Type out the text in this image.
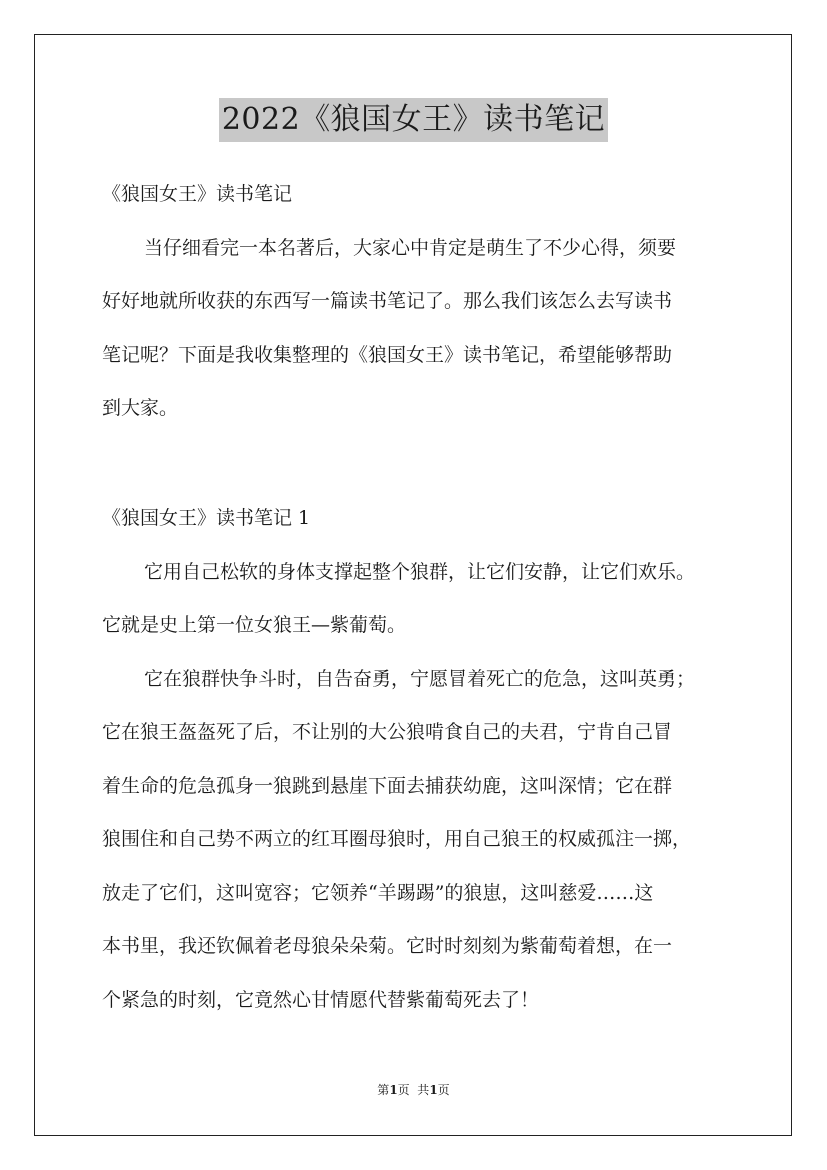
2022《狼国女王》读书笔记
《狼国女王》读书笔记
当仔细看完一本名著后，大家心中肯定是萌生了不少心得，须要
好好地就所收获的东西写一篇读书笔记了。那么我们该怎么去写读书
笔记呢？下面是我收集整理的《狼国女王》读书笔记，希望能够帮助
到大家。
《狼国女王》读书笔记 1
它用自己松软的身体支撑起整个狼群，让它们安静，让它们欢乐。
它就是史上第一位女狼王—紫葡萄。
它在狼群快争斗时，自告奋勇，宁愿冒着死亡的危急，这叫英勇；
它在狼王盔盔死了后，不让别的大公狼啃食自己的夫君，宁肯自己冒
着生命的危急孤身一狼跳到悬崖下面去捕获幼鹿，这叫深情；它在群
狼围住和自己势不两立的红耳圈母狼时，用自己狼王的权威孤注一掷，
放走了它们，这叫宽容；它领养“羊踢踢”的狼崽，这叫慈爱……这
本书里，我还钦佩着老母狼朵朵菊。它时时刻刻为紫葡萄着想，在一
个紧急的时刻，它竟然心甘情愿代替紫葡萄死去了！
第1页  共1页
